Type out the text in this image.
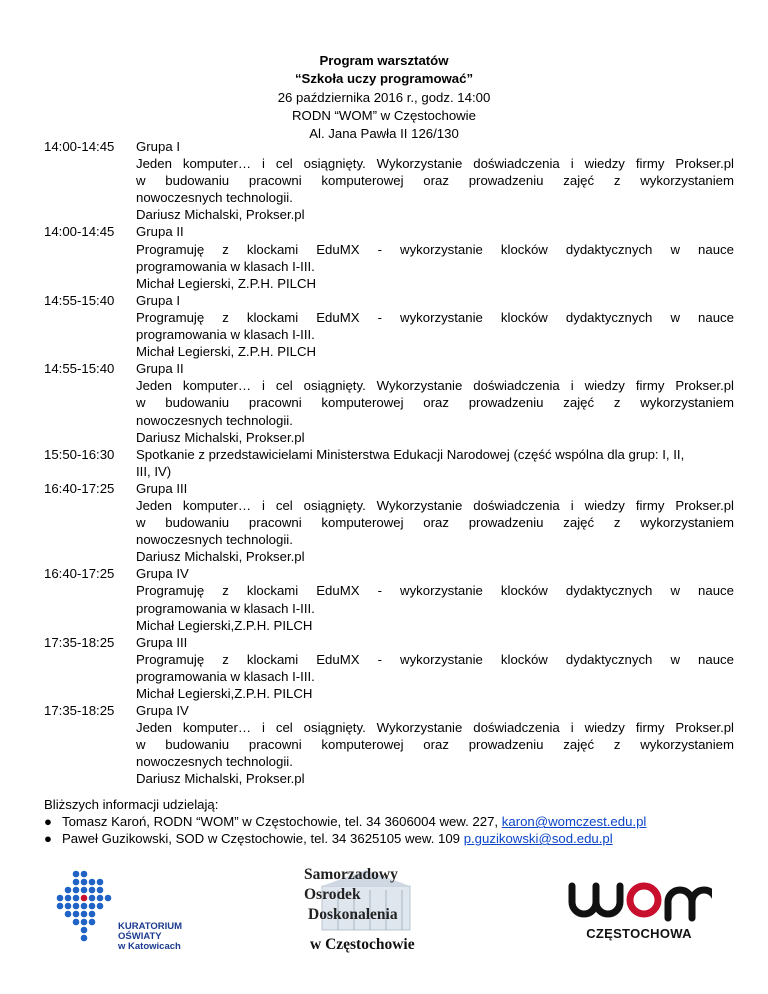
Program warsztatów
“Szkoła uczy programować”
26 października 2016 r., godz. 14:00
RODN “WOM” w Częstochowie
Al. Jana Pawła II 126/130
14:00-14:45	Grupa I
Jeden komputer… i cel osiągnięty. Wykorzystanie doświadczenia i wiedzy firmy Prokser.pl
w budowaniu pracowni komputerowej oraz prowadzeniu zajęć z wykorzystaniem
nowoczesnych technologii.
Dariusz Michalski, Prokser.pl
14:00-14:45	Grupa II
Programuję z klockami EduMX - wykorzystanie klocków dydaktycznych w nauce
programowania w klasach I-III.
Michał Legierski, Z.P.H. PILCH
14:55-15:40	Grupa I
Programuję z klockami EduMX - wykorzystanie klocków dydaktycznych w nauce
programowania w klasach I-III.
Michał Legierski, Z.P.H. PILCH
14:55-15:40	Grupa II
Jeden komputer… i cel osiągnięty. Wykorzystanie doświadczenia i wiedzy firmy Prokser.pl
w budowaniu pracowni komputerowej oraz prowadzeniu zajęć z wykorzystaniem
nowoczesnych technologii.
Dariusz Michalski, Prokser.pl
15:50-16:30	Spotkanie z przedstawicielami Ministerstwa Edukacji Narodowej (część wspólna dla grup: I, II,
III, IV)
16:40-17:25	Grupa III
Jeden komputer… i cel osiągnięty. Wykorzystanie doświadczenia i wiedzy firmy Prokser.pl
w budowaniu pracowni komputerowej oraz prowadzeniu zajęć z wykorzystaniem
nowoczesnych technologii.
Dariusz Michalski, Prokser.pl
16:40-17:25	Grupa IV
Programuję z klockami EduMX - wykorzystanie klocków dydaktycznych w nauce
programowania w klasach I-III.
Michał Legierski,Z.P.H. PILCH
17:35-18:25	Grupa III
Programuję z klockami EduMX - wykorzystanie klocków dydaktycznych w nauce
programowania w klasach I-III.
Michał Legierski,Z.P.H. PILCH
17:35-18:25	Grupa IV
Jeden komputer… i cel osiągnięty. Wykorzystanie doświadczenia i wiedzy firmy Prokser.pl
w budowaniu pracowni komputerowej oraz prowadzeniu zajęć z wykorzystaniem
nowoczesnych technologii.
Dariusz Michalski, Prokser.pl
Bliższych informacji udzielają:
● Tomasz Karoń, RODN “WOM” w Częstochowie, tel. 34 3606004 wew. 227, karon@womczest.edu.pl
● Paweł Guzikowski, SOD w Częstochowie, tel. 34 3625105 wew. 109 p.guzikowski@sod.edu.pl
KURATORIUM
OŚWIATY
w Katowicach
Samorzadowy
Osrodek
Doskonalenia
w Częstochowie
CZĘSTOCHOWA
